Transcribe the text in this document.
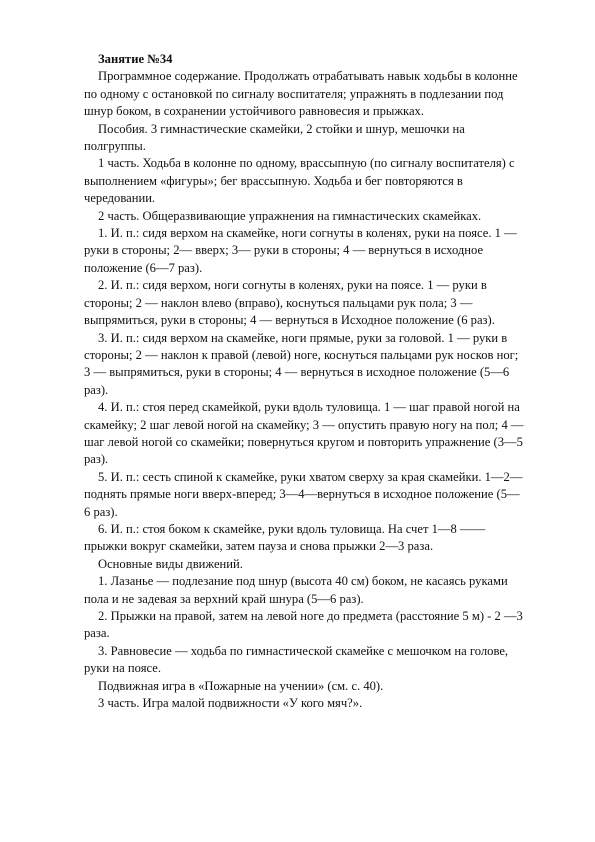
Занятие №34

Программное содержание. Продолжать отрабатывать навык ходьбы в колонне по одному с остановкой по сигналу воспитателя; упражнять в подлезании под шнур боком, в сохранении устойчивого равновесия и прыжках.

Пособия. 3 гимнастические скамейки, 2 стойки и шнур, мешочки на полгруппы.

1 часть. Ходьба в колонне по одному, врассыпную (по сигналу воспитателя) с выполнением «фигуры»; бег врассыпную. Ходьба и бег повторяются в чередовании.

2 часть. Общеразвивающие упражнения на гимнастических скамейках.

1. И. п.: сидя верхом на скамейке, ноги согнуты в коленях, руки на поясе. 1 — руки в стороны; 2— вверх; 3— руки в стороны; 4 — вернуться в исходное положение (6—7 раз).

2. И. п.: сидя верхом, ноги согнуты в коленях, руки на поясе. 1 — руки в стороны; 2 — наклон влево (вправо), коснуться пальцами рук пола; 3 — выпрямиться, руки в стороны; 4 — вернуться в Исходное положение (6 раз).

3. И. п.: сидя верхом на скамейке, ноги прямые, руки за головой. 1 — руки в стороны; 2 — наклон к правой (левой) ноге, коснуться пальцами рук носков ног; 3 — выпрямиться, руки в стороны; 4 — вернуться в исходное положение (5—6 раз).

4. И. п.: стоя перед скамейкой, руки вдоль туловища. 1 — шаг правой ногой на скамейку; 2 шаг левой ногой на скамейку; 3 — опустить правую ногу на пол; 4 — шаг левой ногой со скамейки; повернуться кругом и повторить упражнение (3—5 раз).

5. И. п.: сесть спиной к скамейке, руки хватом сверху за края скамейки. 1—2—поднять прямые ноги вверх-вперед; 3—4—вернуться в исходное положение (5—6 раз).

6. И. п.: стоя боком к скамейке, руки вдоль туловища. На счет 1—8 —— прыжки вокруг скамейки, затем пауза и снова прыжки 2—3 раза.

Основные виды движений.

1. Лазанье — подлезание под шнур (высота 40 см) боком, не касаясь руками пола и не задевая за верхний край шнура (5—6 раз).

2. Прыжки на правой, затем на левой ноге до предмета (расстояние 5 м) - 2 —3 раза.

3. Равновесие — ходьба по гимнастической скамейке с мешочком на голове, руки на поясе.

Подвижная игра в «Пожарные на учении» (см. с. 40).

3 часть. Игра малой подвижности «У кого мяч?».
